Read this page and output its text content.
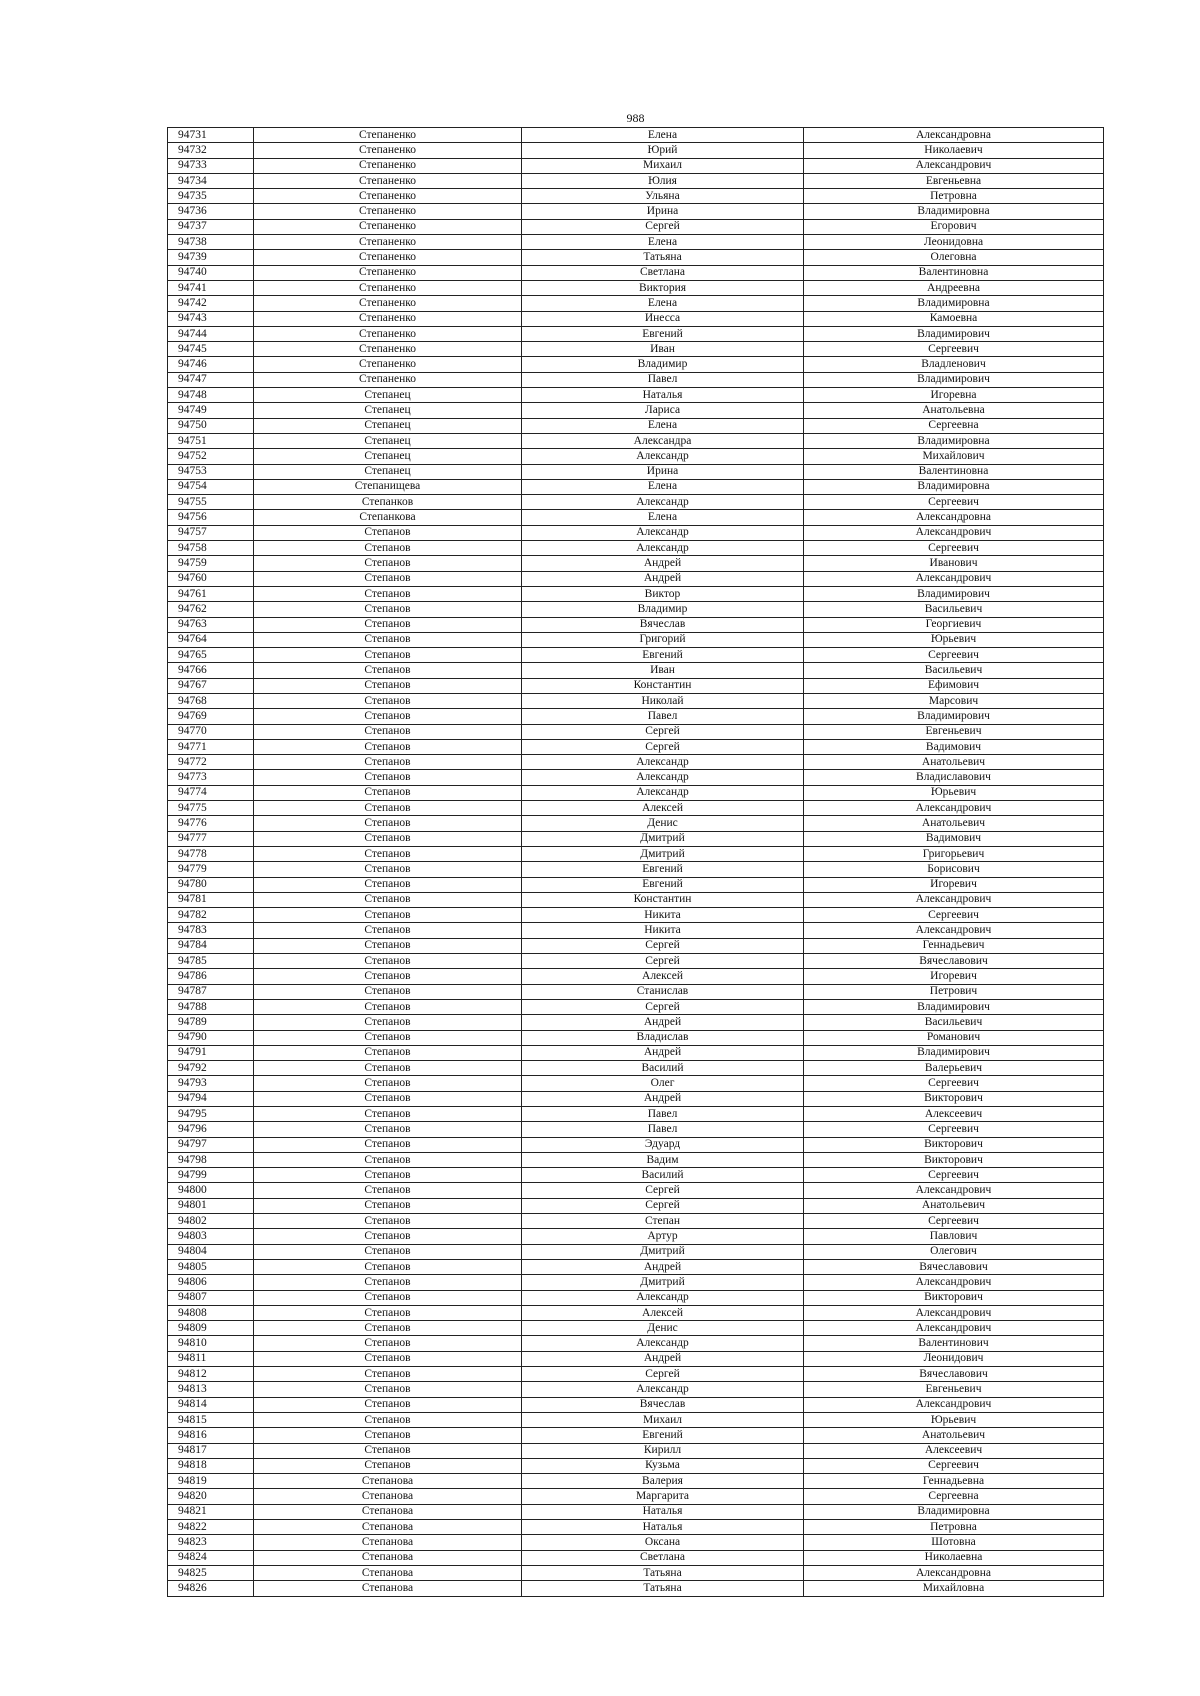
988
94731	Степаненко	Елена	Александровна
94732	Степаненко	Юрий	Николаевич
94733	Степаненко	Михаил	Александрович
94734	Степаненко	Юлия	Евгеньевна
94735	Степаненко	Ульяна	Петровна
94736	Степаненко	Ирина	Владимировна
94737	Степаненко	Сергей	Егорович
94738	Степаненко	Елена	Леонидовна
94739	Степаненко	Татьяна	Олеговна
94740	Степаненко	Светлана	Валентиновна
94741	Степаненко	Виктория	Андреевна
94742	Степаненко	Елена	Владимировна
94743	Степаненко	Инесса	Камоевна
94744	Степаненко	Евгений	Владимирович
94745	Степаненко	Иван	Сергеевич
94746	Степаненко	Владимир	Владленович
94747	Степаненко	Павел	Владимирович
94748	Степанец	Наталья	Игоревна
94749	Степанец	Лариса	Анатольевна
94750	Степанец	Елена	Сергеевна
94751	Степанец	Александра	Владимировна
94752	Степанец	Александр	Михайлович
94753	Степанец	Ирина	Валентиновна
94754	Степанищева	Елена	Владимировна
94755	Степанков	Александр	Сергеевич
94756	Степанкова	Елена	Александровна
94757	Степанов	Александр	Александрович
94758	Степанов	Александр	Сергеевич
94759	Степанов	Андрей	Иванович
94760	Степанов	Андрей	Александрович
94761	Степанов	Виктор	Владимирович
94762	Степанов	Владимир	Васильевич
94763	Степанов	Вячеслав	Георгиевич
94764	Степанов	Григорий	Юрьевич
94765	Степанов	Евгений	Сергеевич
94766	Степанов	Иван	Васильевич
94767	Степанов	Константин	Ефимович
94768	Степанов	Николай	Марсович
94769	Степанов	Павел	Владимирович
94770	Степанов	Сергей	Евгеньевич
94771	Степанов	Сергей	Вадимович
94772	Степанов	Александр	Анатольевич
94773	Степанов	Александр	Владиславович
94774	Степанов	Александр	Юрьевич
94775	Степанов	Алексей	Александрович
94776	Степанов	Денис	Анатольевич
94777	Степанов	Дмитрий	Вадимович
94778	Степанов	Дмитрий	Григорьевич
94779	Степанов	Евгений	Борисович
94780	Степанов	Евгений	Игоревич
94781	Степанов	Константин	Александрович
94782	Степанов	Никита	Сергеевич
94783	Степанов	Никита	Александрович
94784	Степанов	Сергей	Геннадьевич
94785	Степанов	Сергей	Вячеславович
94786	Степанов	Алексей	Игоревич
94787	Степанов	Станислав	Петрович
94788	Степанов	Сергей	Владимирович
94789	Степанов	Андрей	Васильевич
94790	Степанов	Владислав	Романович
94791	Степанов	Андрей	Владимирович
94792	Степанов	Василий	Валерьевич
94793	Степанов	Олег	Сергеевич
94794	Степанов	Андрей	Викторович
94795	Степанов	Павел	Алексеевич
94796	Степанов	Павел	Сергеевич
94797	Степанов	Эдуард	Викторович
94798	Степанов	Вадим	Викторович
94799	Степанов	Василий	Сергеевич
94800	Степанов	Сергей	Александрович
94801	Степанов	Сергей	Анатольевич
94802	Степанов	Степан	Сергеевич
94803	Степанов	Артур	Павлович
94804	Степанов	Дмитрий	Олегович
94805	Степанов	Андрей	Вячеславович
94806	Степанов	Дмитрий	Александрович
94807	Степанов	Александр	Викторович
94808	Степанов	Алексей	Александрович
94809	Степанов	Денис	Александрович
94810	Степанов	Александр	Валентинович
94811	Степанов	Андрей	Леонидович
94812	Степанов	Сергей	Вячеславович
94813	Степанов	Александр	Евгеньевич
94814	Степанов	Вячеслав	Александрович
94815	Степанов	Михаил	Юрьевич
94816	Степанов	Евгений	Анатольевич
94817	Степанов	Кирилл	Алексеевич
94818	Степанов	Кузьма	Сергеевич
94819	Степанова	Валерия	Геннадьевна
94820	Степанова	Маргарита	Сергеевна
94821	Степанова	Наталья	Владимировна
94822	Степанова	Наталья	Петровна
94823	Степанова	Оксана	Шотовна
94824	Степанова	Светлана	Николаевна
94825	Степанова	Татьяна	Александровна
94826	Степанова	Татьяна	Михайловна
